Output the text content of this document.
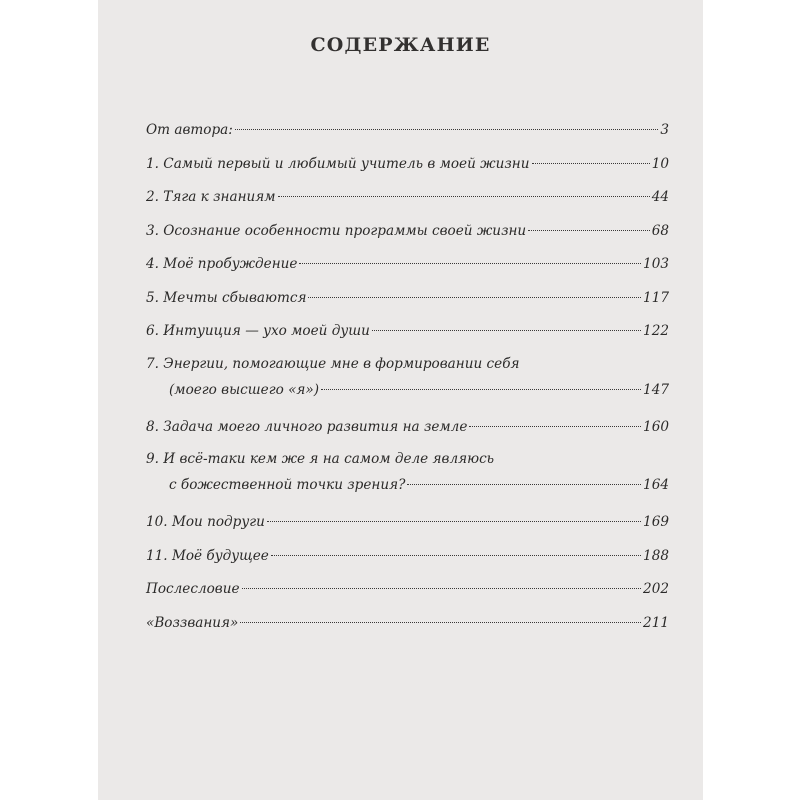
СОДЕРЖАНИЕ
От автора:	3
1. Самый первый и любимый учитель в моей жизни	10
2. Тяга к знаниям	44
3. Осознание особенности программы своей жизни	68
4. Моё пробуждение	103
5. Мечты сбываются	117
6. Интуиция — ухо моей души	122
7. Энергии, помогающие мне в формировании себя
(моего высшего «я»)	147
8. Задача моего личного развития на земле	160
9. И всё-таки кем же я на самом деле являюсь
с божественной точки зрения?	164
10. Мои подруги	169
11. Моё будущее	188
Послесловие	202
«Воззвания»	211
